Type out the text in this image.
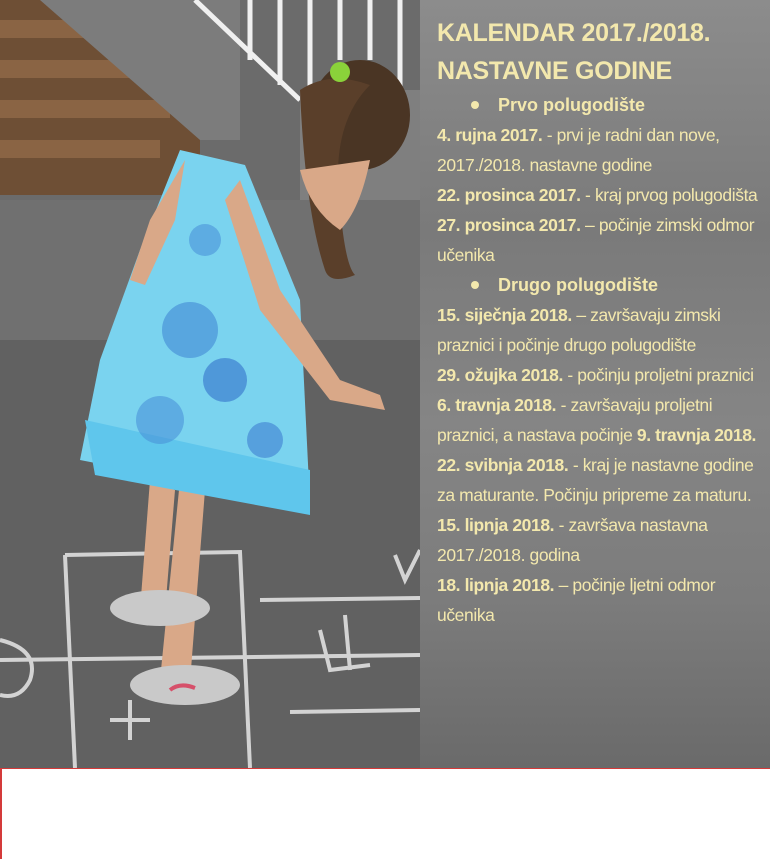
KALENDAR 2017./2018.
NASTAVNE GODINE
Prvo polugodište
4. rujna 2017. - prvi je radni dan nove, 2017./2018. nastavne godine
22. prosinca 2017. - kraj prvog polugodišta
27. prosinca 2017. – počinje zimski odmor učenika
Drugo polugodište
15. siječnja 2018. – završavaju zimski praznici i počinje drugo polugodište
29. ožujka 2018. - počinju proljetni praznici
6. travnja 2018. - završavaju proljetni praznici, a nastava počinje 9. travnja 2018.
22. svibnja 2018. - kraj je nastavne godine za maturante. Počinju pripreme za maturu.
15. lipnja 2018. - završava nastavna 2017./2018. godina
18. lipnja 2018. – počinje ljetni odmor učenika
